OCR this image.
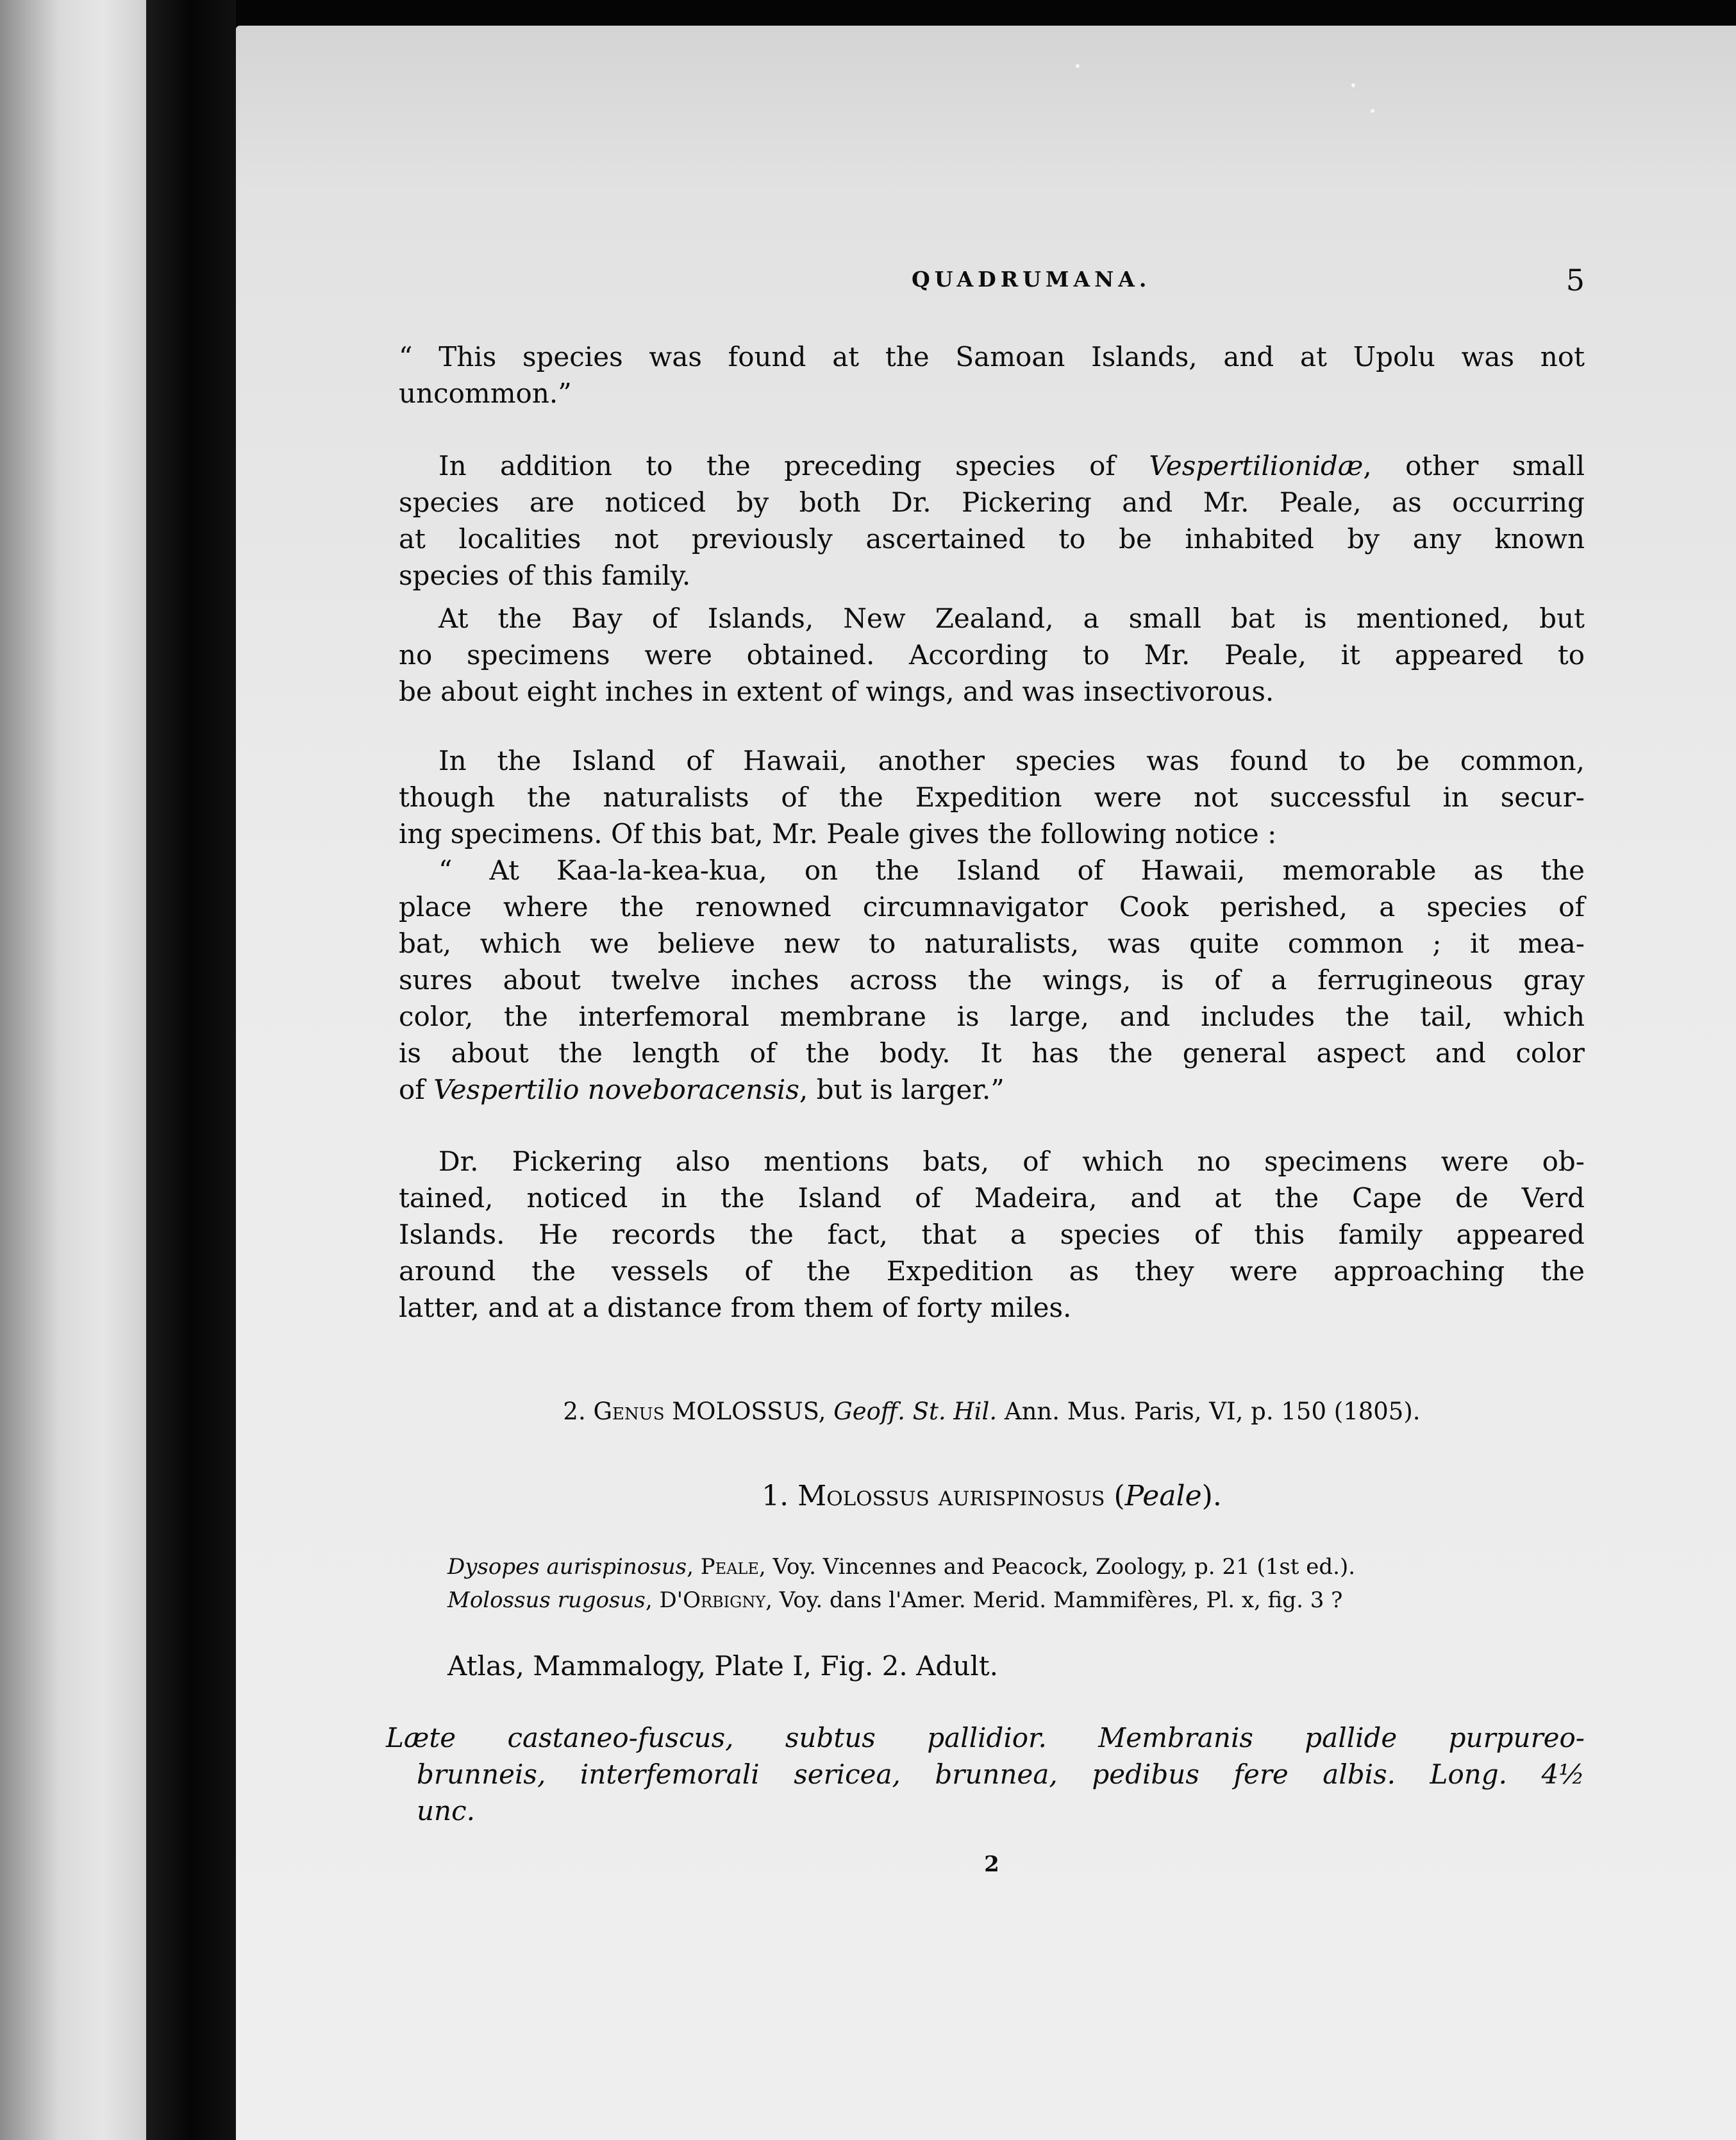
QUADRUMANA.	5
“ This species was found at the Samoan Islands, and at Upolu was not
uncommon.”
In addition to the preceding species of Vespertilionidæ, other small
species are noticed by both Dr. Pickering and Mr. Peale, as occurring
at localities not previously ascertained to be inhabited by any known
species of this family.
At the Bay of Islands, New Zealand, a small bat is mentioned, but
no specimens were obtained. According to Mr. Peale, it appeared to
be about eight inches in extent of wings, and was insectivorous.
In the Island of Hawaii, another species was found to be common,
though the naturalists of the Expedition were not successful in secur-
ing specimens. Of this bat, Mr. Peale gives the following notice :
“ At Kaa-la-kea-kua, on the Island of Hawaii, memorable as the
place where the renowned circumnavigator Cook perished, a species of
bat, which we believe new to naturalists, was quite common ; it mea-
sures about twelve inches across the wings, is of a ferrugineous gray
color, the interfemoral membrane is large, and includes the tail, which
is about the length of the body. It has the general aspect and color
of Vespertilio noveboracensis, but is larger.”
Dr. Pickering also mentions bats, of which no specimens were ob-
tained, noticed in the Island of Madeira, and at the Cape de Verd
Islands. He records the fact, that a species of this family appeared
around the vessels of the Expedition as they were approaching the
latter, and at a distance from them of forty miles.
2. Genus MOLOSSUS, Geoff. St. Hil. Ann. Mus. Paris, VI, p. 150 (1805).
1. Molossus aurispinosus (Peale).
Dysopes aurispinosus, Peale, Voy. Vincennes and Peacock, Zoology, p. 21 (1st ed.).
Molossus rugosus, D'Orbigny, Voy. dans l'Amer. Merid. Mammifères, Pl. x, fig. 3 ?
Atlas, Mammalogy, Plate I, Fig. 2. Adult.
Læte castaneo-fuscus, subtus pallidior. Membranis pallide purpureo-
brunneis, interfemorali sericea, brunnea, pedibus fere albis. Long. 4½
unc.
2
